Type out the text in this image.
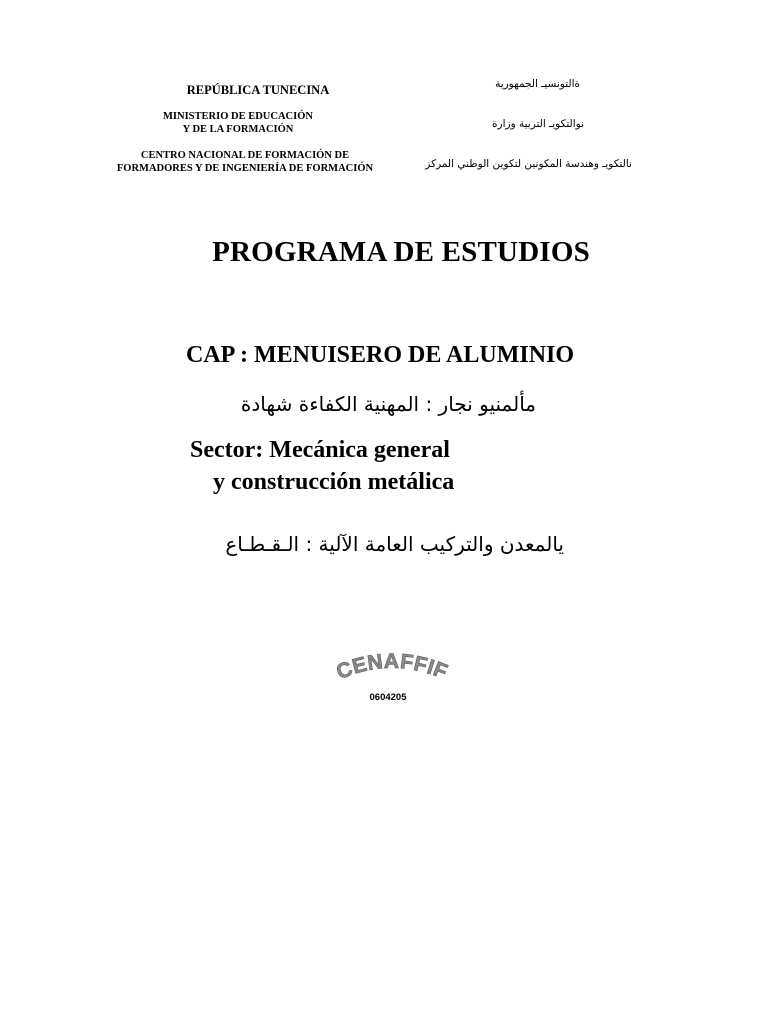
REPÚBLICA TUNECINA
MINISTERIO DE EDUCACIÓN
Y DE LA FORMACIÓN
CENTRO NACIONAL DE FORMACIÓN DE
FORMADORES Y DE INGENIERÍA DE FORMACIÓN
ةالتونسيـ الجمهورية
نوالتكويـ التربية وزارة
نالتكويـ وهندسة المكونين لتكوين الوطني المركز
PROGRAMA DE ESTUDIOS
CAP : MENUISERO DE ALUMINIO
مألمنيو نجار : المهنية الكفاءة شهادة
Sector: Mecánica general
y construcción metálica
يالمعدن والتركيب العامة الآلية : الـقـطـاع
CENAFFIF
0604205
